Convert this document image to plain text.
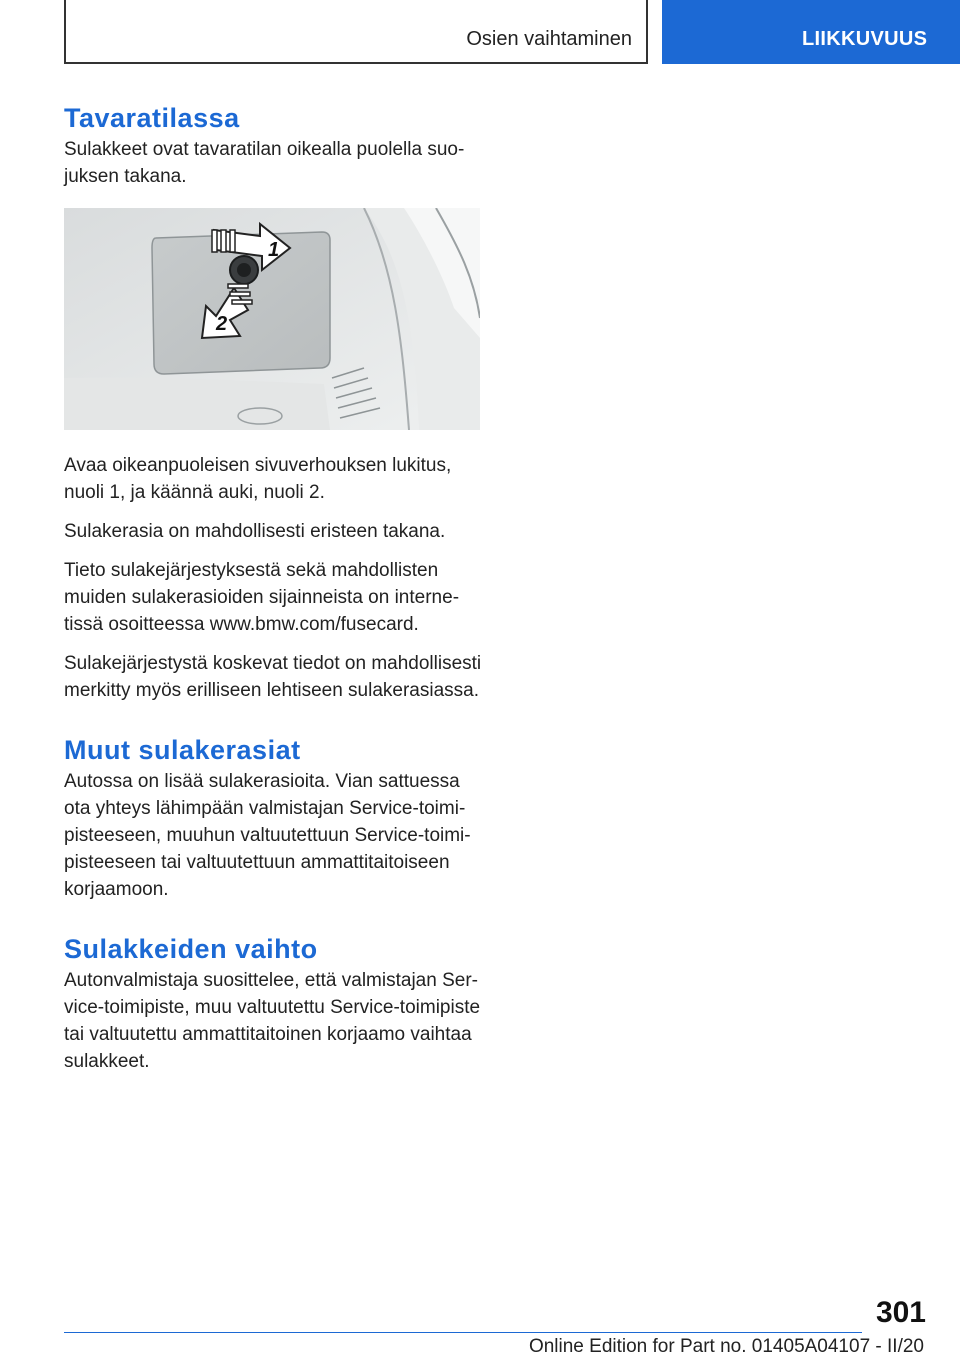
Osien vaihtaminen	LIIKKUVUUS
Tavaratilassa

Sulakkeet ovat tavaratilan oikealla puolella suojuksen takana.

1
2

Avaa oikeanpuoleisen sivuverhouksen lukitus, nuoli 1, ja käännä auki, nuoli 2.

Sulakerasia on mahdollisesti eristeen takana.

Tieto sulakejärjestyksestä sekä mahdollisten muiden sulakerasioiden sijainneista on internetissä osoitteessa www.bmw.com/fusecard.

Sulakejärjestystä koskevat tiedot on mahdollisesti merkitty myös erilliseen lehtiseen sulakerasiassa.

Muut sulakerasiat

Autossa on lisää sulakerasioita. Vian sattuessa ota yhteys lähimpään valmistajan Service-toimipisteeseen, muuhun valtuutettuun Service-toimipisteeseen tai valtuutettuun ammattitaitoiseen korjaamoon.

Sulakkeiden vaihto

Autonvalmistaja suosittelee, että valmistajan Service-toimipiste, muu valtuutettu Service-toimipiste tai valtuutettu ammattitaitoinen korjaamo vaihtaa sulakkeet.

301
Online Edition for Part no. 01405A04107 - II/20
